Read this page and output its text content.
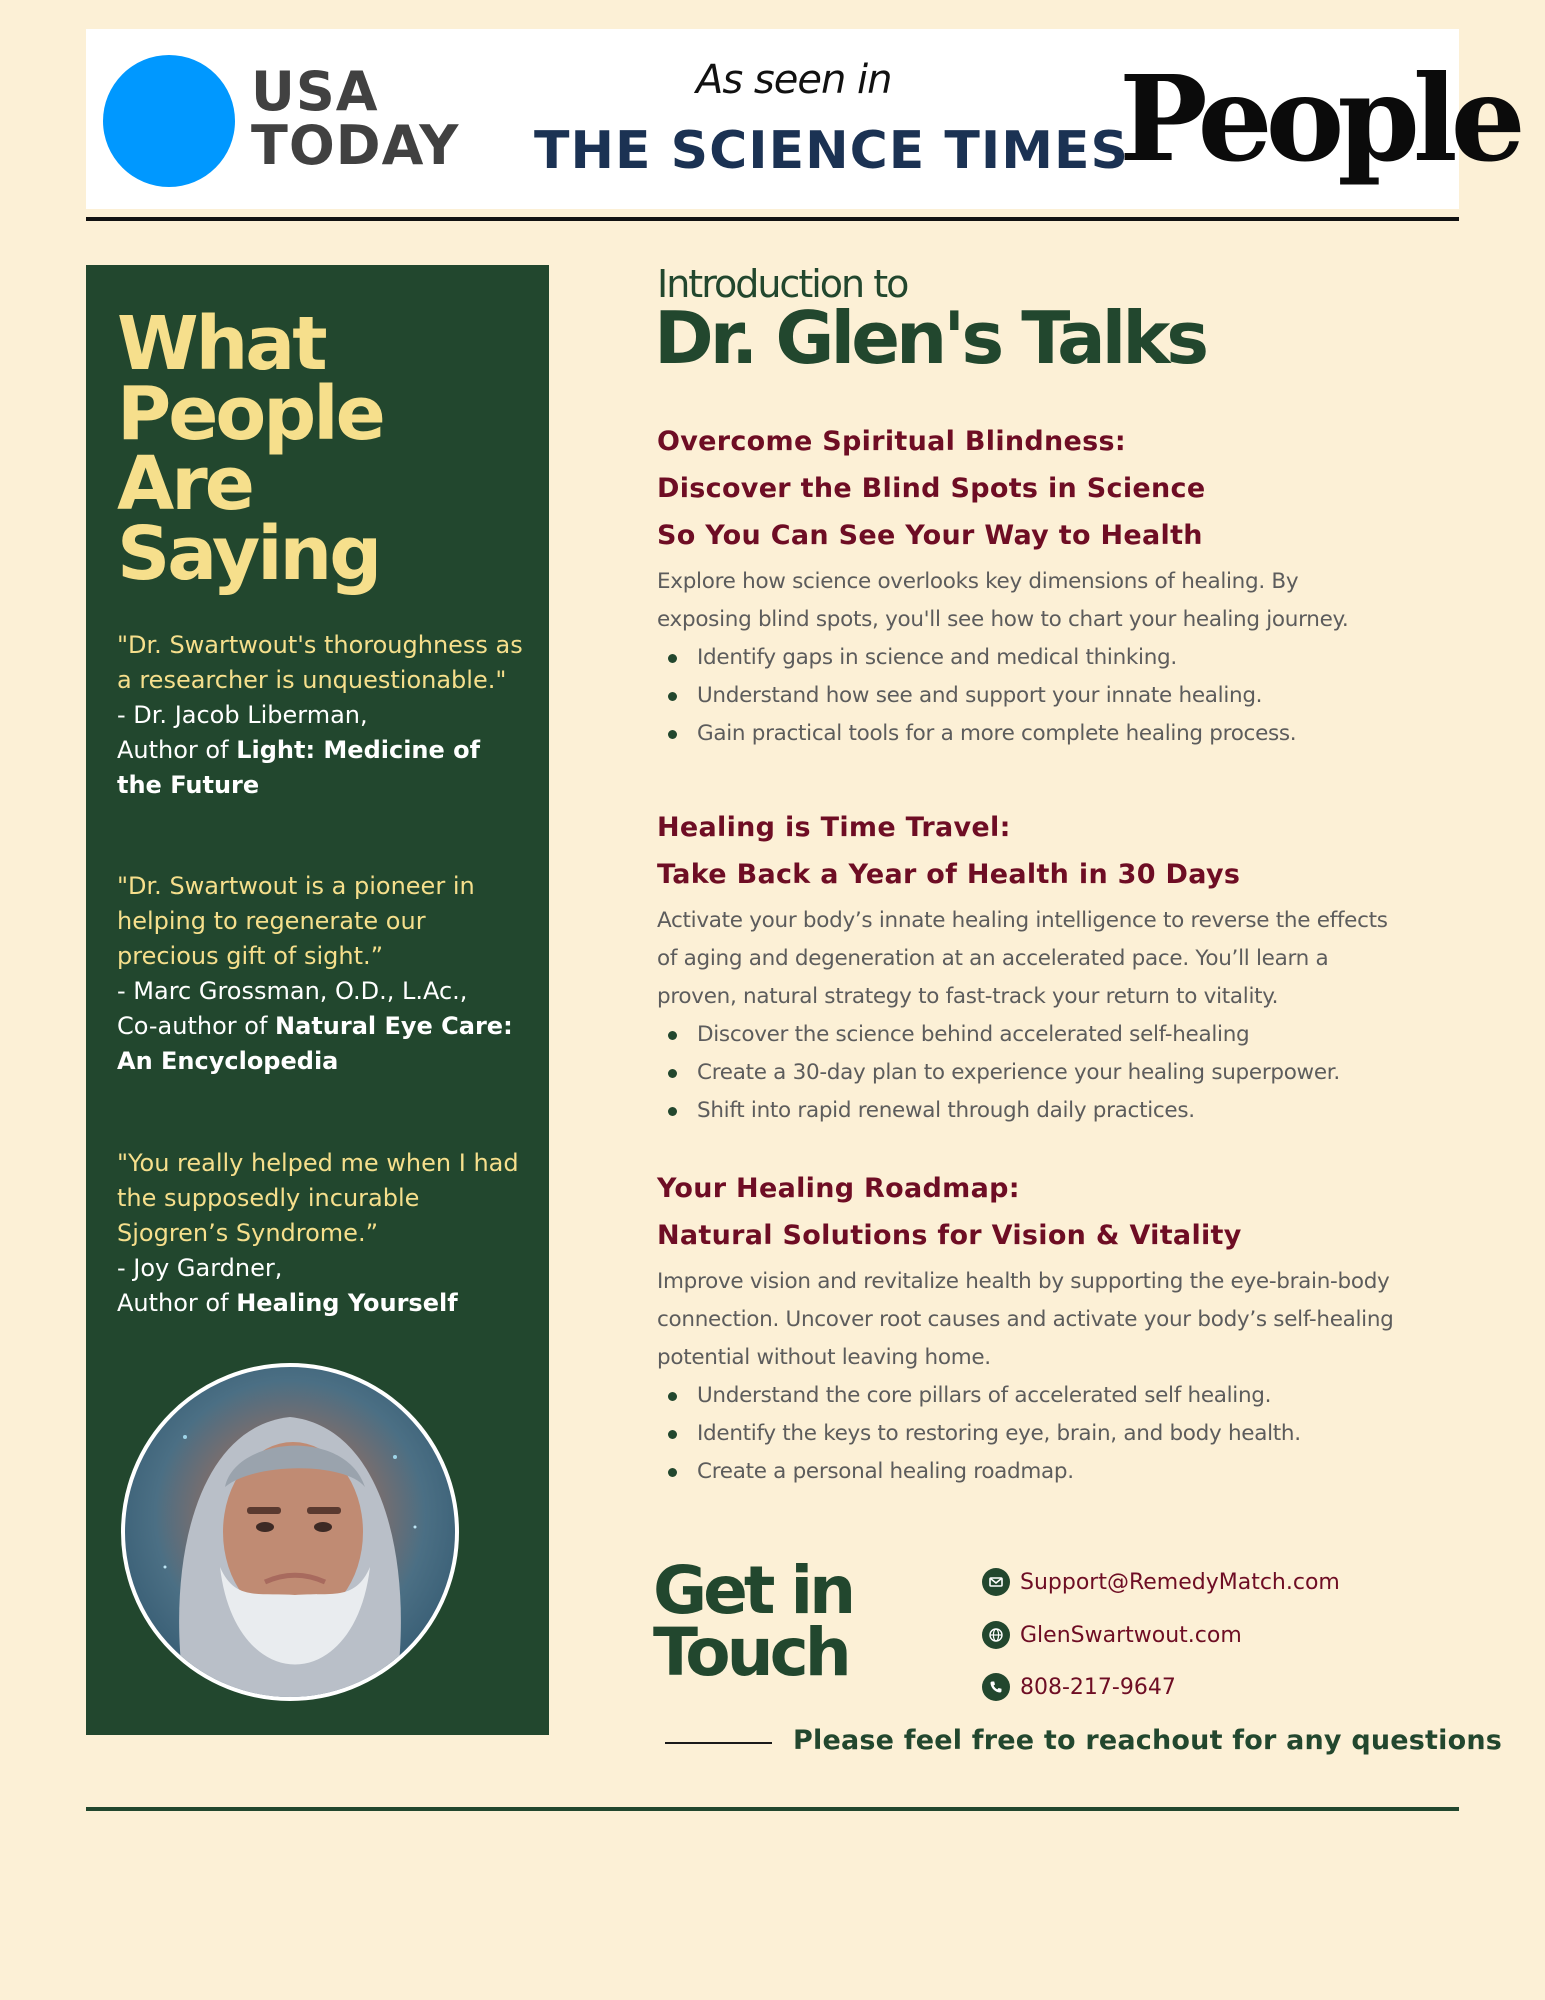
USA
TODAY
As seen in
THE SCIENCE TIMES
People
What
People
Are
Saying
"Dr. Swartwout's thoroughness as a researcher is unquestionable."
- Dr. Jacob Liberman,
Author of Light: Medicine of the Future
"Dr. Swartwout is a pioneer in helping to regenerate our precious gift of sight.”
- Marc Grossman, O.D., L.Ac.,
Co-author of Natural Eye Care: An Encyclopedia
"You really helped me when I had the supposedly incurable Sjogren’s Syndrome.”
- Joy Gardner,
Author of Healing Yourself
Introduction to
Dr. Glen's Talks
Overcome Spiritual Blindness:
Discover the Blind Spots in Science
So You Can See Your Way to Health
Explore how science overlooks key dimensions of healing. By exposing blind spots, you'll see how to chart your healing journey.
Identify gaps in science and medical thinking.
Understand how see and support your innate healing.
Gain practical tools for a more complete healing process.
Healing is Time Travel:
Take Back a Year of Health in 30 Days
Activate your body’s innate healing intelligence to reverse the effects of aging and degeneration at an accelerated pace. You’ll learn a proven, natural strategy to fast-track your return to vitality.
Discover the science behind accelerated self-healing
Create a 30-day plan to experience your healing superpower.
Shift into rapid renewal through daily practices.
Your Healing Roadmap:
Natural Solutions for Vision & Vitality
Improve vision and revitalize health by supporting the eye-brain-body connection. Uncover root causes and activate your body’s self-healing potential without leaving home.
Understand the core pillars of accelerated self healing.
Identify the keys to restoring eye, brain, and body health.
Create a personal healing roadmap.
Get in
Touch
Support@RemedyMatch.com
GlenSwartwout.com
808-217-9647
Please feel free to reachout for any questions
